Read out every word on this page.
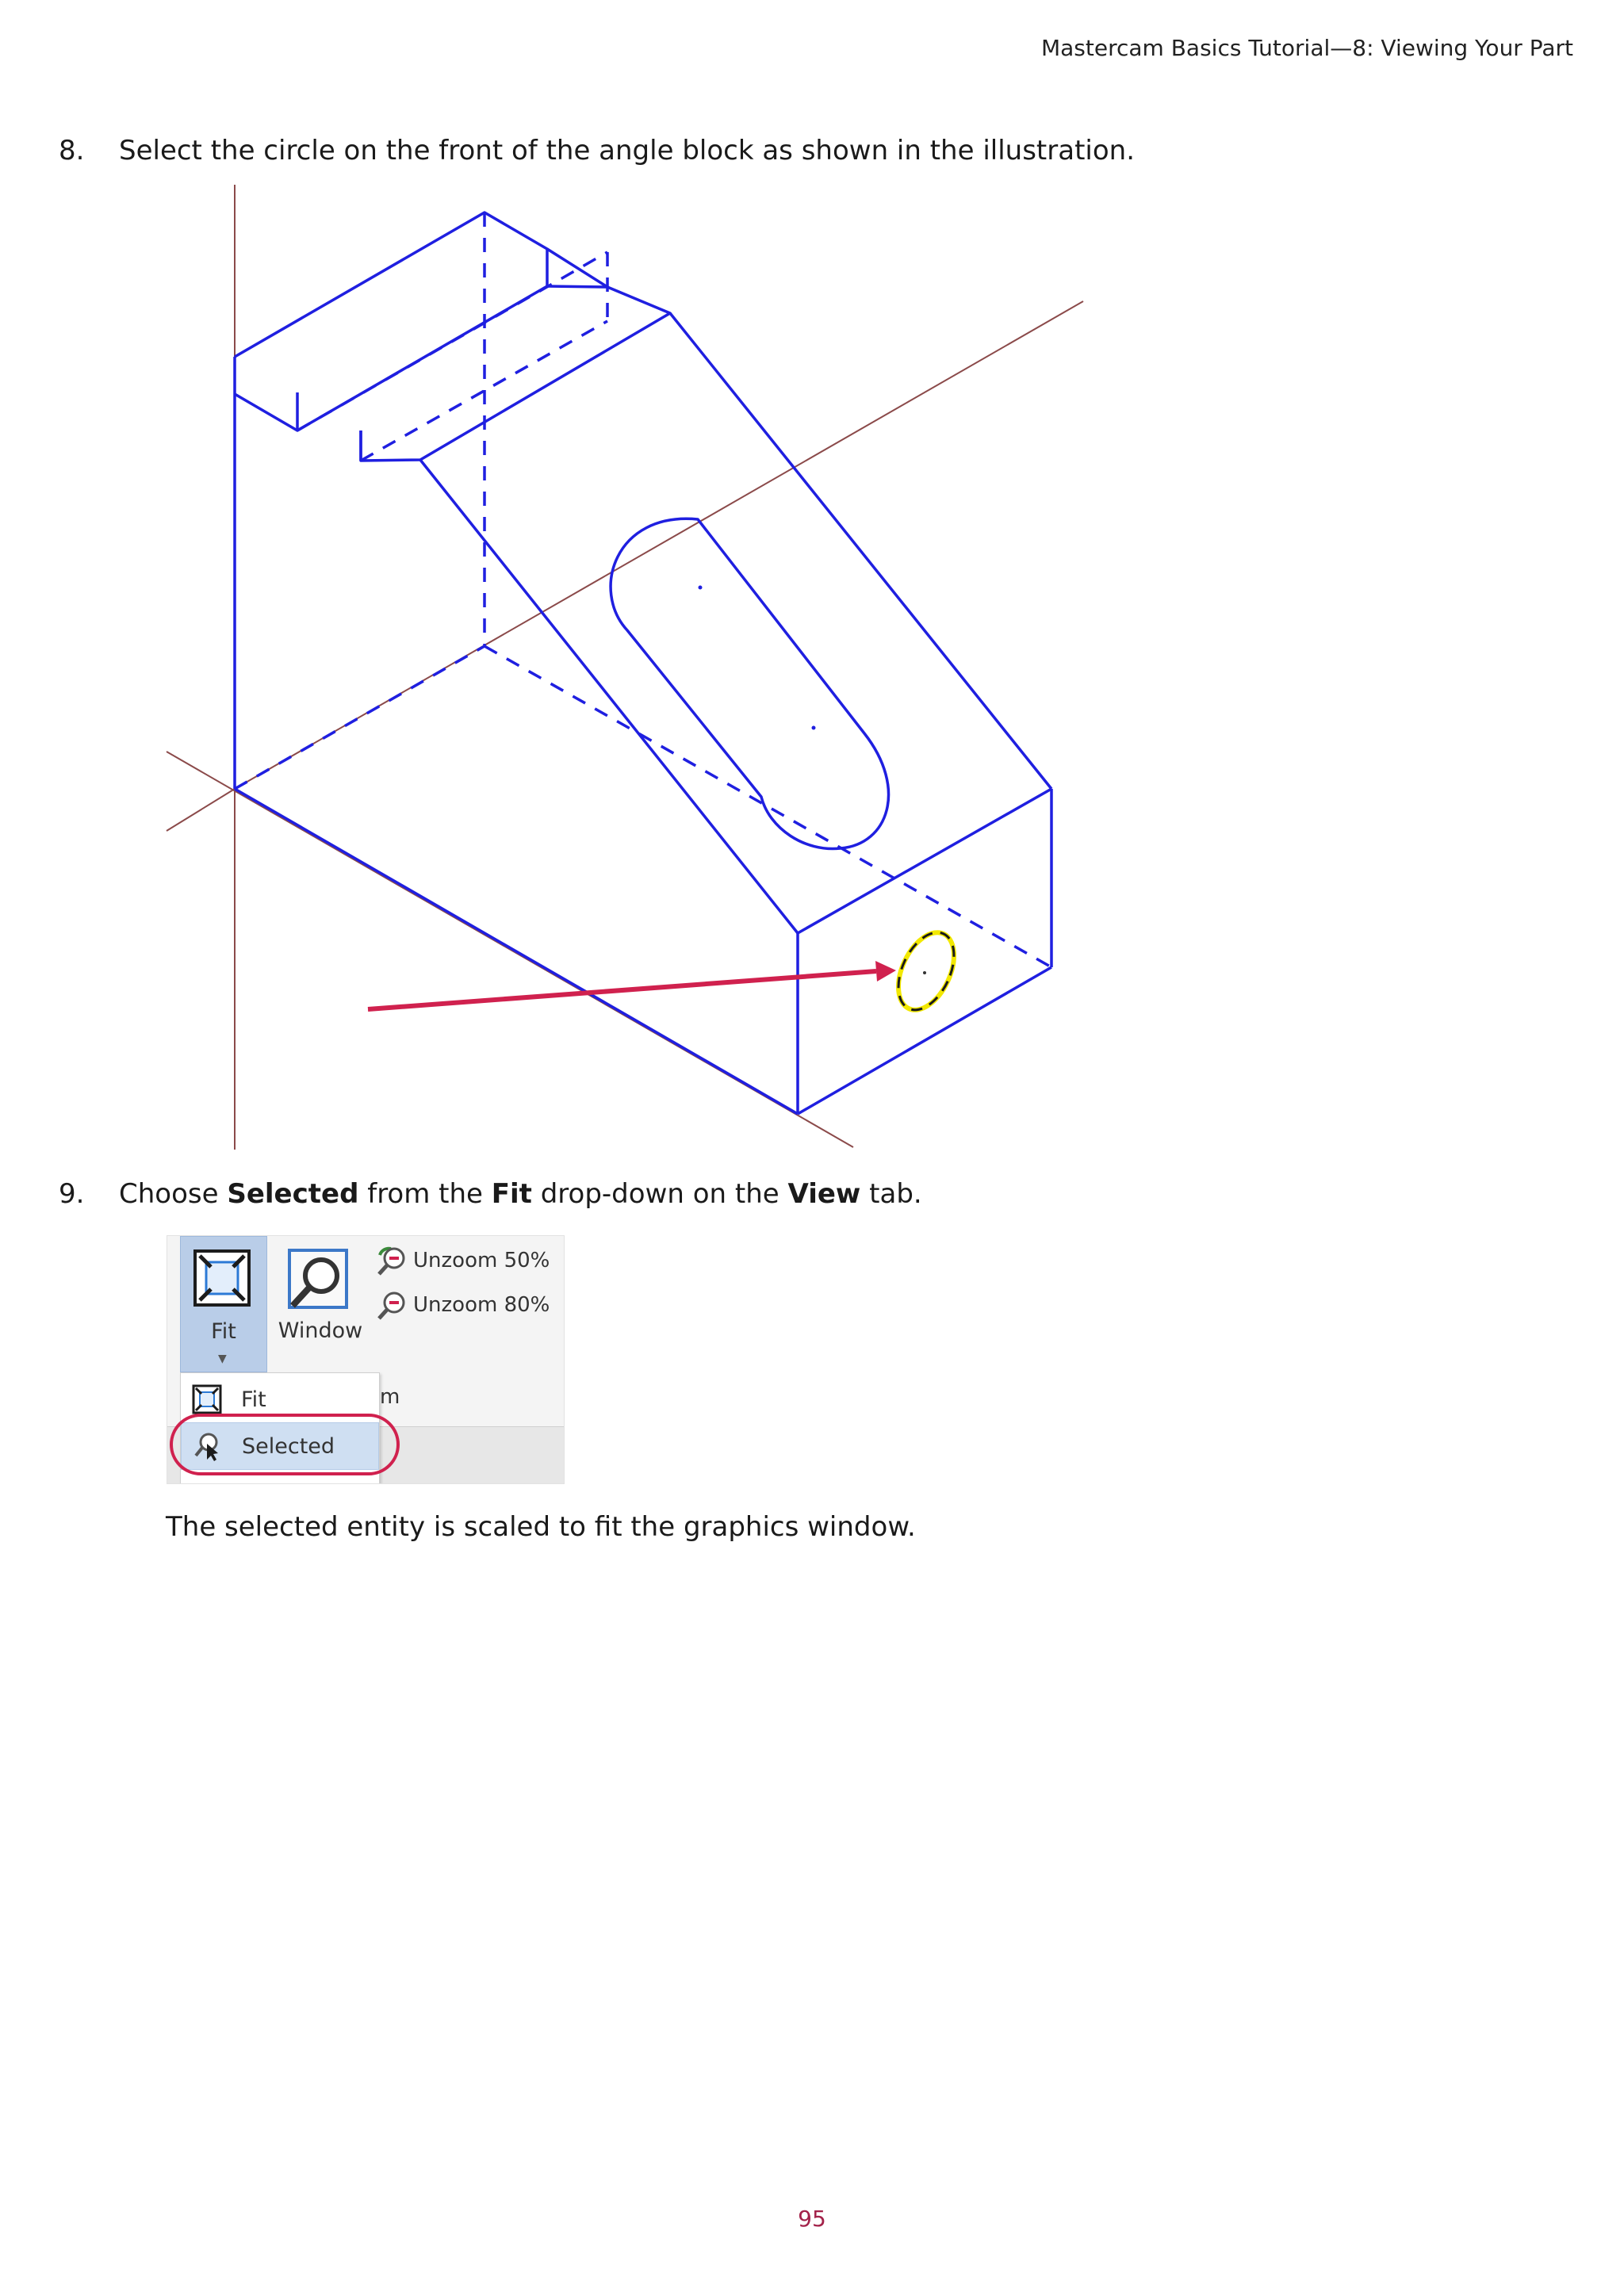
Mastercam Basics Tutorial—8: Viewing Your Part
8. Select the circle on the front of the angle block as shown in the illustration.
9. Choose Selected from the Fit drop-down on the View tab.
Fit
▼
Window
Unzoom 50%
Unzoom 80%
m
Fit
Selected
The selected entity is scaled to fit the graphics window.
95
